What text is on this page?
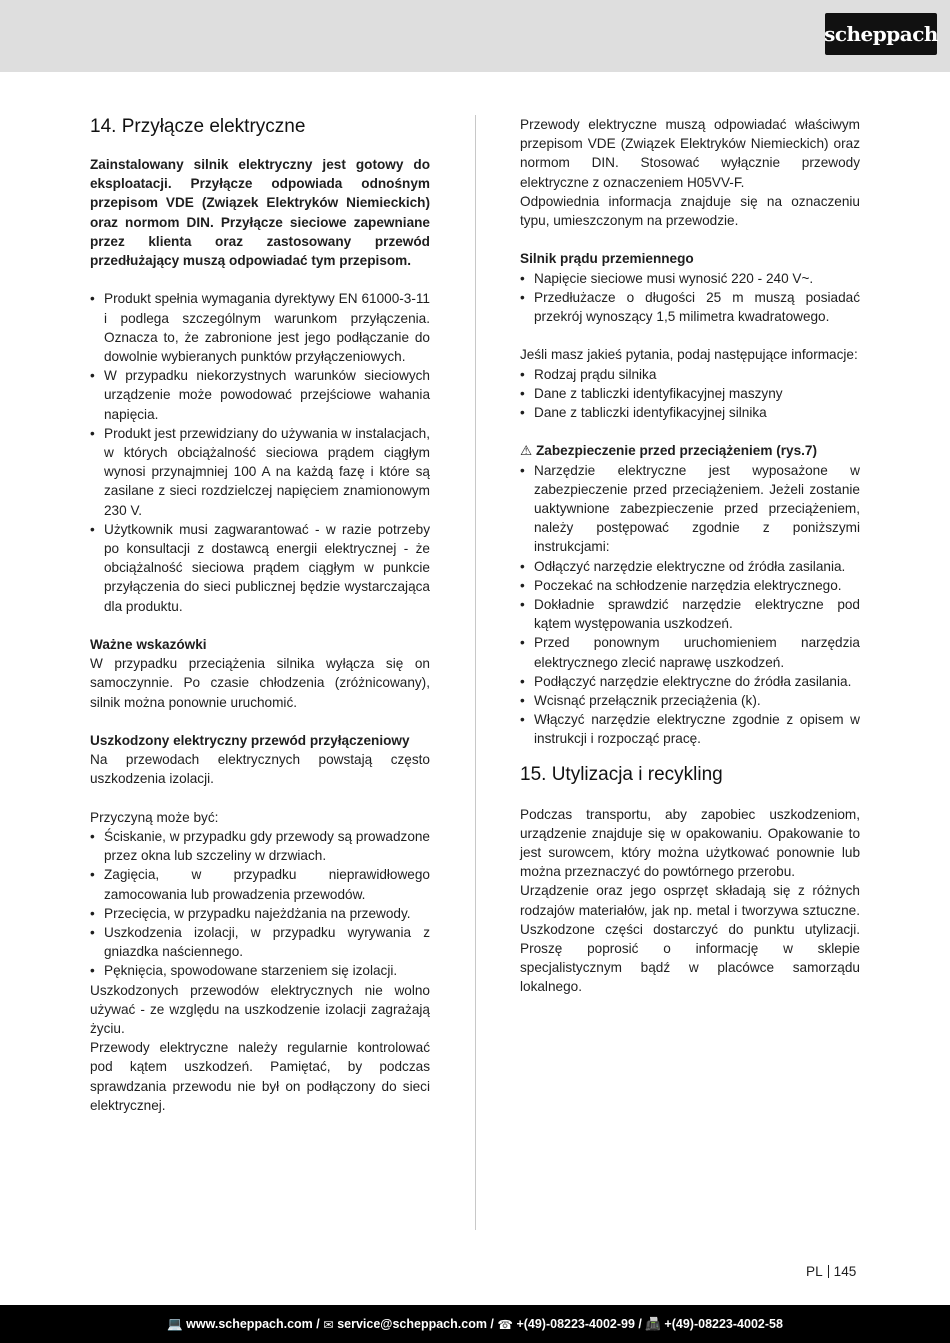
scheppach
14. Przyłącze elektryczne

Zainstalowany silnik elektryczny jest gotowy do eksploatacji. Przyłącze odpowiada odnośnym przepisom VDE (Związek Elektryków Niemieckich) oraz normom DIN. Przyłącze sieciowe zapewniane przez klienta oraz zastosowany przewód przedłużający muszą odpowiadać tym przepisom.

• Produkt spełnia wymagania dyrektywy EN 61000-3-11 i podlega szczególnym warunkom przyłączenia. Oznacza to, że zabronione jest jego podłączanie do dowolnie wybieranych punktów przyłączeniowych.
• W przypadku niekorzystnych warunków sieciowych urządzenie może powodować przejściowe wahania napięcia.
• Produkt jest przewidziany do używania w instalacjach, w których obciążalność sieciowa prądem ciągłym wynosi przynajmniej 100 A na każdą fazę i które są zasilane z sieci rozdzielczej napięciem znamionowym 230 V.
• Użytkownik musi zagwarantować - w razie potrzeby po konsultacji z dostawcą energii elektrycznej - że obciążalność sieciowa prądem ciągłym w punkcie przyłączenia do sieci publicznej będzie wystarczająca dla produktu.

Ważne wskazówki

W przypadku przeciążenia silnika wyłącza się on samoczynnie. Po czasie chłodzenia (zróżnicowany), silnik można ponownie uruchomić.

Uszkodzony elektryczny przewód przyłączeniowy

Na przewodach elektrycznych powstają często uszkodzenia izolacji.

Przyczyną może być:

• Ściskanie, w przypadku gdy przewody są prowadzone przez okna lub szczeliny w drzwiach.
• Zagięcia, w przypadku nieprawidłowego zamocowania lub prowadzenia przewodów.
• Przecięcia, w przypadku najeżdżania na przewody.
• Uszkodzenia izolacji, w przypadku wyrywania z gniazdka naściennego.
• Pęknięcia, spowodowane starzeniem się izolacji.

Uszkodzonych przewodów elektrycznych nie wolno używać - ze względu na uszkodzenie izolacji zagrażają życiu.

Przewody elektryczne należy regularnie kontrolować pod kątem uszkodzeń. Pamiętać, by podczas sprawdzania przewodu nie był on podłączony do sieci elektrycznej.

Przewody elektryczne muszą odpowiadać właściwym przepisom VDE (Związek Elektryków Niemieckich) oraz normom DIN. Stosować wyłącznie przewody elektryczne z oznaczeniem H05VV-F.

Odpowiednia informacja znajduje się na oznaczeniu typu, umieszczonym na przewodzie.

Silnik prądu przemiennego

• Napięcie sieciowe musi wynosić 220 - 240 V~.
• Przedłużacze o długości 25 m muszą posiadać przekrój wynoszący 1,5 milimetra kwadratowego.

Jeśli masz jakieś pytania, podaj następujące informacje:

• Rodzaj prądu silnika
• Dane z tabliczki identyfikacyjnej maszyny
• Dane z tabliczki identyfikacyjnej silnika

⚠ Zabezpieczenie przed przeciążeniem (rys.7)

• Narzędzie elektryczne jest wyposażone w zabezpieczenie przed przeciążeniem. Jeżeli zostanie uaktywnione zabezpieczenie przed przeciążeniem, należy postępować zgodnie z poniższymi instrukcjami:
• Odłączyć narzędzie elektryczne od źródła zasilania.
• Poczekać na schłodzenie narzędzia elektrycznego.
• Dokładnie sprawdzić narzędzie elektryczne pod kątem występowania uszkodzeń.
• Przed ponownym uruchomieniem narzędzia elektrycznego zlecić naprawę uszkodzeń.
• Podłączyć narzędzie elektryczne do źródła zasilania.
• Wcisnąć przełącznik przeciążenia (k).
• Włączyć narzędzie elektryczne zgodnie z opisem w instrukcji i rozpocząć pracę.
15. Utylizacja i recykling

Podczas transportu, aby zapobiec uszkodzeniom, urządzenie znajduje się w opakowaniu. Opakowanie to jest surowcem, który można użytkować ponownie lub można przeznaczyć do powtórnego przerobu.

Urządzenie oraz jego osprzęt składają się z różnych rodzajów materiałów, jak np. metal i tworzywa sztuczne. Uszkodzone części dostarczyć do punktu utylizacji. Proszę poprosić o informację w sklepie specjalistycznym bądź w placówce samorządu lokalnego.

PL 145
💻
www.scheppach.com / ✉
service@scheppach.com / ☎
+(49)-08223-4002-99 / 📠
+(49)-08223-4002-58
